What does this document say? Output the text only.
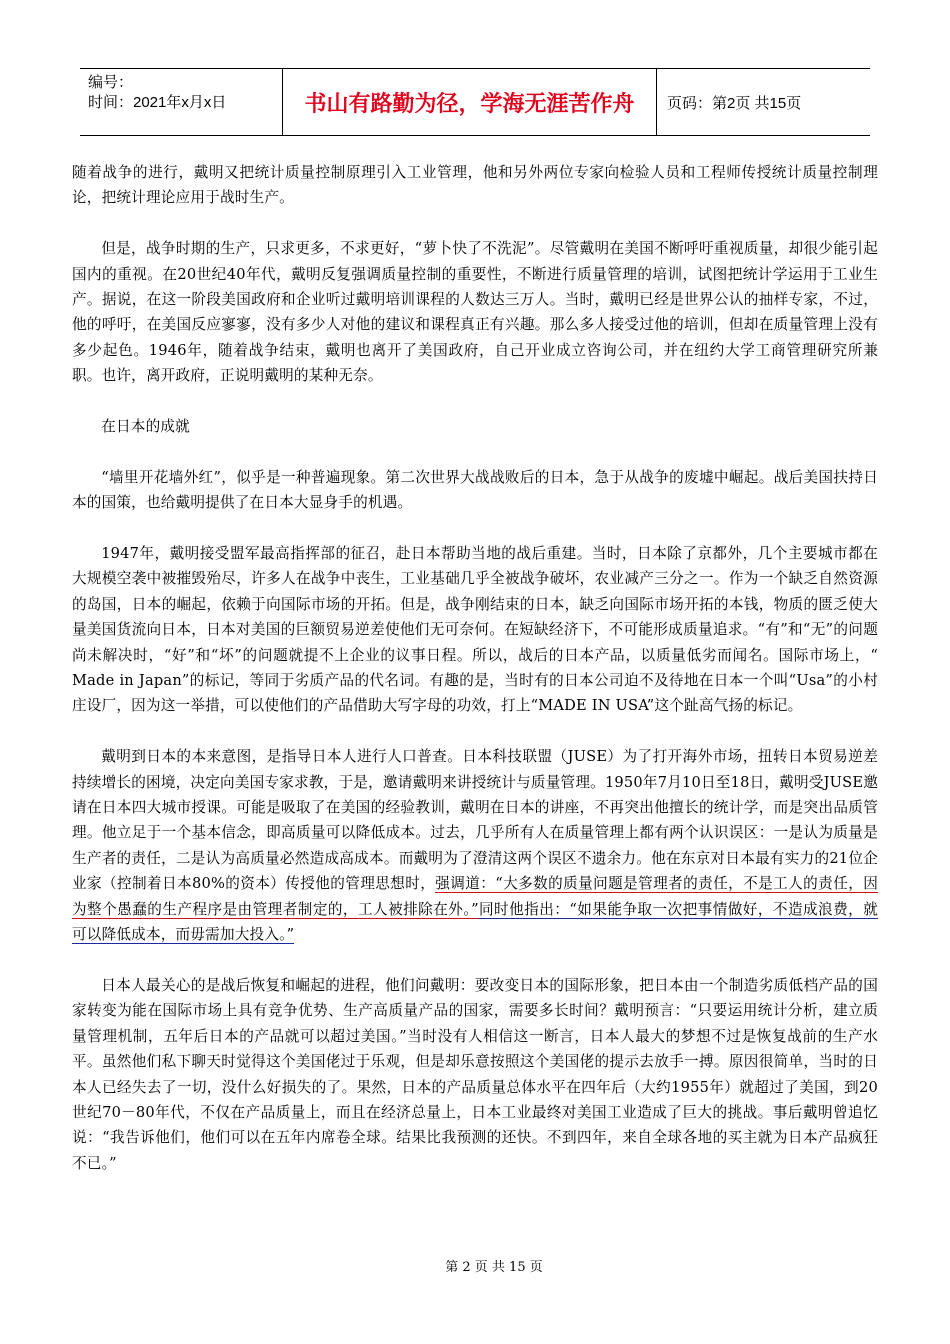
编号：
时间：2021年x月x日	书山有路勤为径，学海无涯苦作舟	页码：第2页 共15页

随着战争的进行，戴明又把统计质量控制原理引入工业管理，他和另外两位专家向检验人员和工程师传授统计质量控制理论，把统计理论应用于战时生产。

但是，战争时期的生产，只求更多，不求更好，“萝卜快了不洗泥”。尽管戴明在美国不断呼吁重视质量，却很少能引起国内的重视。在20世纪40年代，戴明反复强调质量控制的重要性，不断进行质量管理的培训，试图把统计学运用于工业生产。据说，在这一阶段美国政府和企业听过戴明培训课程的人数达三万人。当时，戴明已经是世界公认的抽样专家，不过，他的呼吁，在美国反应寥寥，没有多少人对他的建议和课程真正有兴趣。那么多人接受过他的培训，但却在质量管理上没有多少起色。1946年，随着战争结束，戴明也离开了美国政府，自己开业成立咨询公司，并在纽约大学工商管理研究所兼职。也许，离开政府，正说明戴明的某种无奈。

在日本的成就

“墙里开花墙外红”，似乎是一种普遍现象。第二次世界大战战败后的日本，急于从战争的废墟中崛起。战后美国扶持日本的国策，也给戴明提供了在日本大显身手的机遇。

1947年，戴明接受盟军最高指挥部的征召，赴日本帮助当地的战后重建。当时，日本除了京都外，几个主要城市都在大规模空袭中被摧毁殆尽，许多人在战争中丧生，工业基础几乎全被战争破坏，农业减产三分之一。作为一个缺乏自然资源的岛国，日本的崛起，依赖于向国际市场的开拓。但是，战争刚结束的日本，缺乏向国际市场开拓的本钱，物质的匮乏使大量美国货流向日本，日本对美国的巨额贸易逆差使他们无可奈何。在短缺经济下，不可能形成质量追求。“有”和“无”的问题尚未解决时，“好”和“坏”的问题就提不上企业的议事日程。所以，战后的日本产品，以质量低劣而闻名。国际市场上，“ Made in Japan”的标记，等同于劣质产品的代名词。有趣的是，当时有的日本公司迫不及待地在日本一个叫“Usa”的小村庄设厂，因为这一举措，可以使他们的产品借助大写字母的功效，打上“MADE IN USA”这个趾高气扬的标记。

戴明到日本的本来意图，是指导日本人进行人口普查。日本科技联盟（JUSE）为了打开海外市场，扭转日本贸易逆差持续增长的困境，决定向美国专家求教，于是，邀请戴明来讲授统计与质量管理。1950年7月10日至18日，戴明受JUSE邀请在日本四大城市授课。可能是吸取了在美国的经验教训，戴明在日本的讲座，不再突出他擅长的统计学，而是突出品质管理。他立足于一个基本信念，即高质量可以降低成本。过去，几乎所有人在质量管理上都有两个认识误区：一是认为质量是生产者的责任，二是认为高质量必然造成高成本。而戴明为了澄清这两个误区不遗余力。他在东京对日本最有实力的21位企业家（控制着日本80%的资本）传授他的管理思想时，强调道：“大多数的质量问题是管理者的责任，不是工人的责任，因为整个愚蠢的生产程序是由管理者制定的，工人被排除在外。”同时他指出：“如果能争取一次把事情做好，不造成浪费，就可以降低成本，而毋需加大投入。”

日本人最关心的是战后恢复和崛起的进程，他们问戴明：要改变日本的国际形象，把日本由一个制造劣质低档产品的国家转变为能在国际市场上具有竞争优势、生产高质量产品的国家，需要多长时间？戴明预言：“只要运用统计分析，建立质量管理机制，五年后日本的产品就可以超过美国。”当时没有人相信这一断言，日本人最大的梦想不过是恢复战前的生产水平。虽然他们私下聊天时觉得这个美国佬过于乐观，但是却乐意按照这个美国佬的提示去放手一搏。原因很简单，当时的日本人已经失去了一切，没什么好损失的了。果然，日本的产品质量总体水平在四年后（大约1955年）就超过了美国，到20世纪70－80年代，不仅在产品质量上，而且在经济总量上，日本工业最终对美国工业造成了巨大的挑战。事后戴明曾追忆说：“我告诉他们，他们可以在五年内席卷全球。结果比我预测的还快。不到四年，来自全球各地的买主就为日本产品疯狂不已。”

第 2 页 共 15 页
